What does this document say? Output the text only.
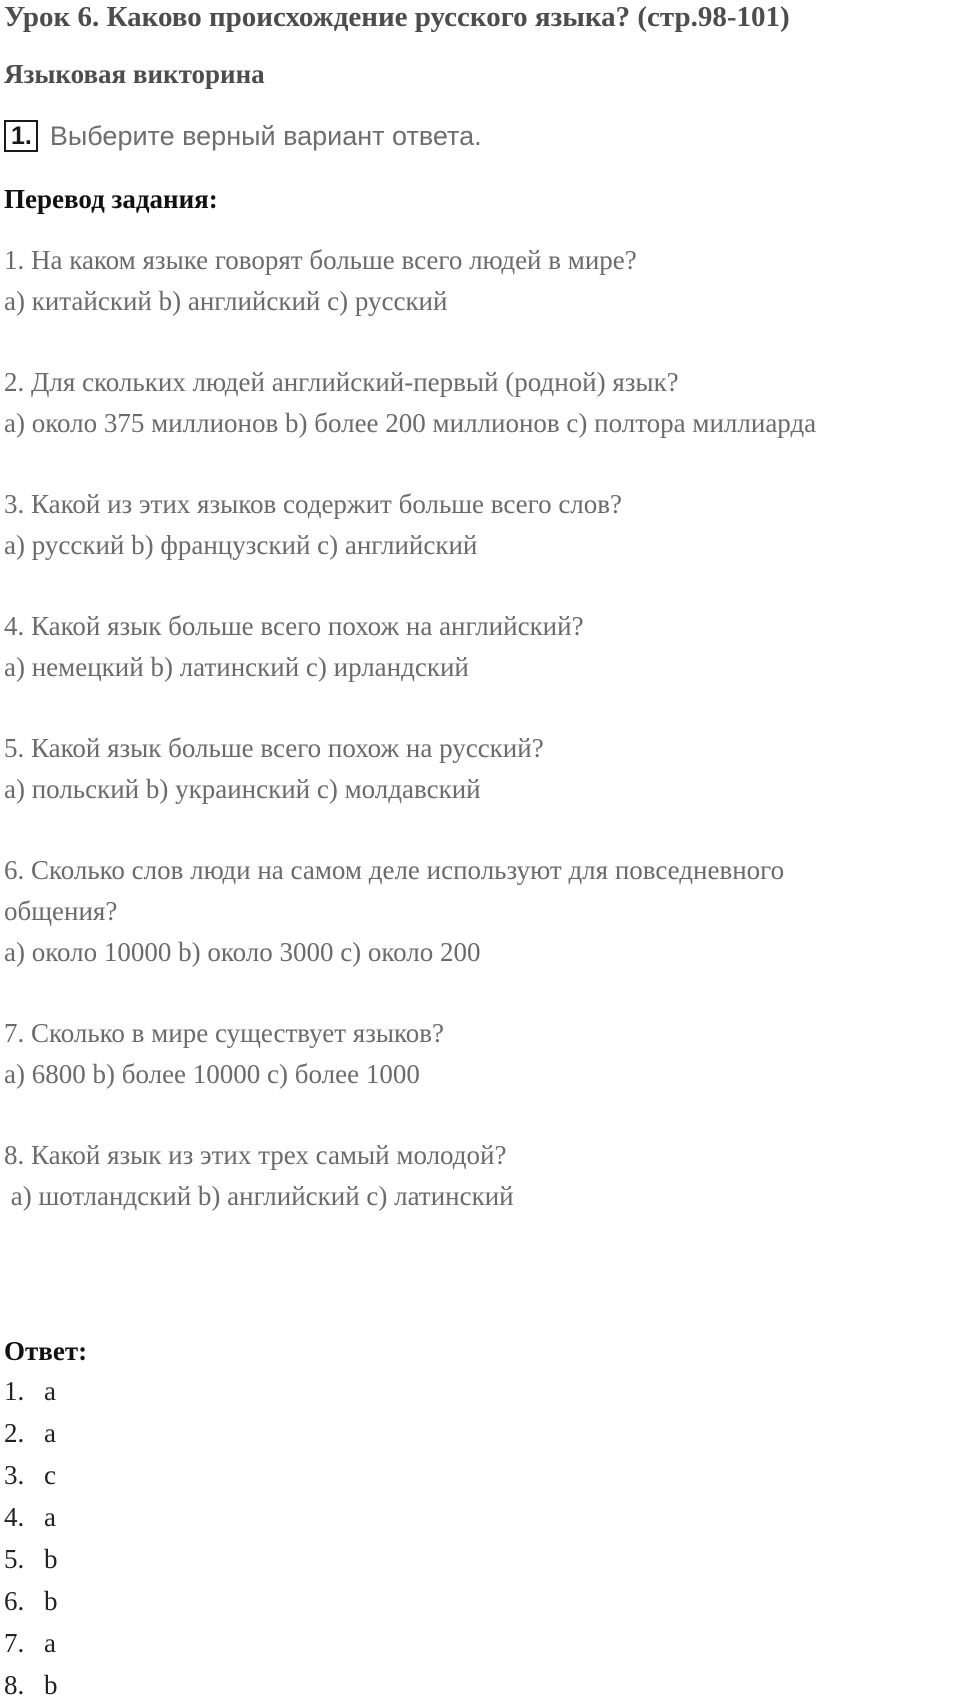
Урок 6. Каково происхождение русского языка? (стр.98-101)
Языковая викторина
1. Выберите верный вариант ответа.
Перевод задания:
1. На каком языке говорят больше всего людей в мире?
a) китайский b) английский c) русский
2. Для скольких людей английский-первый (родной) язык?
a) около 375 миллионов b) более 200 миллионов c) полтора миллиарда
3. Какой из этих языков содержит больше всего слов?
a) русский b) французский c) английский
4. Какой язык больше всего похож на английский?
a) немецкий b) латинский c) ирландский
5. Какой язык больше всего похож на русский?
a) польский b) украинский c) молдавский
6. Сколько слов люди на самом деле используют для повседневного
общения?
a) около 10000 b) около 3000 c) около 200
7. Сколько в мире существует языков?
a) 6800 b) более 10000 c) более 1000
8. Какой язык из этих трех самый молодой?
a) шотландский b) английский c) латинский
Ответ:
1. a
2. a
3. c
4. a
5. b
6. b
7. a
8. b
